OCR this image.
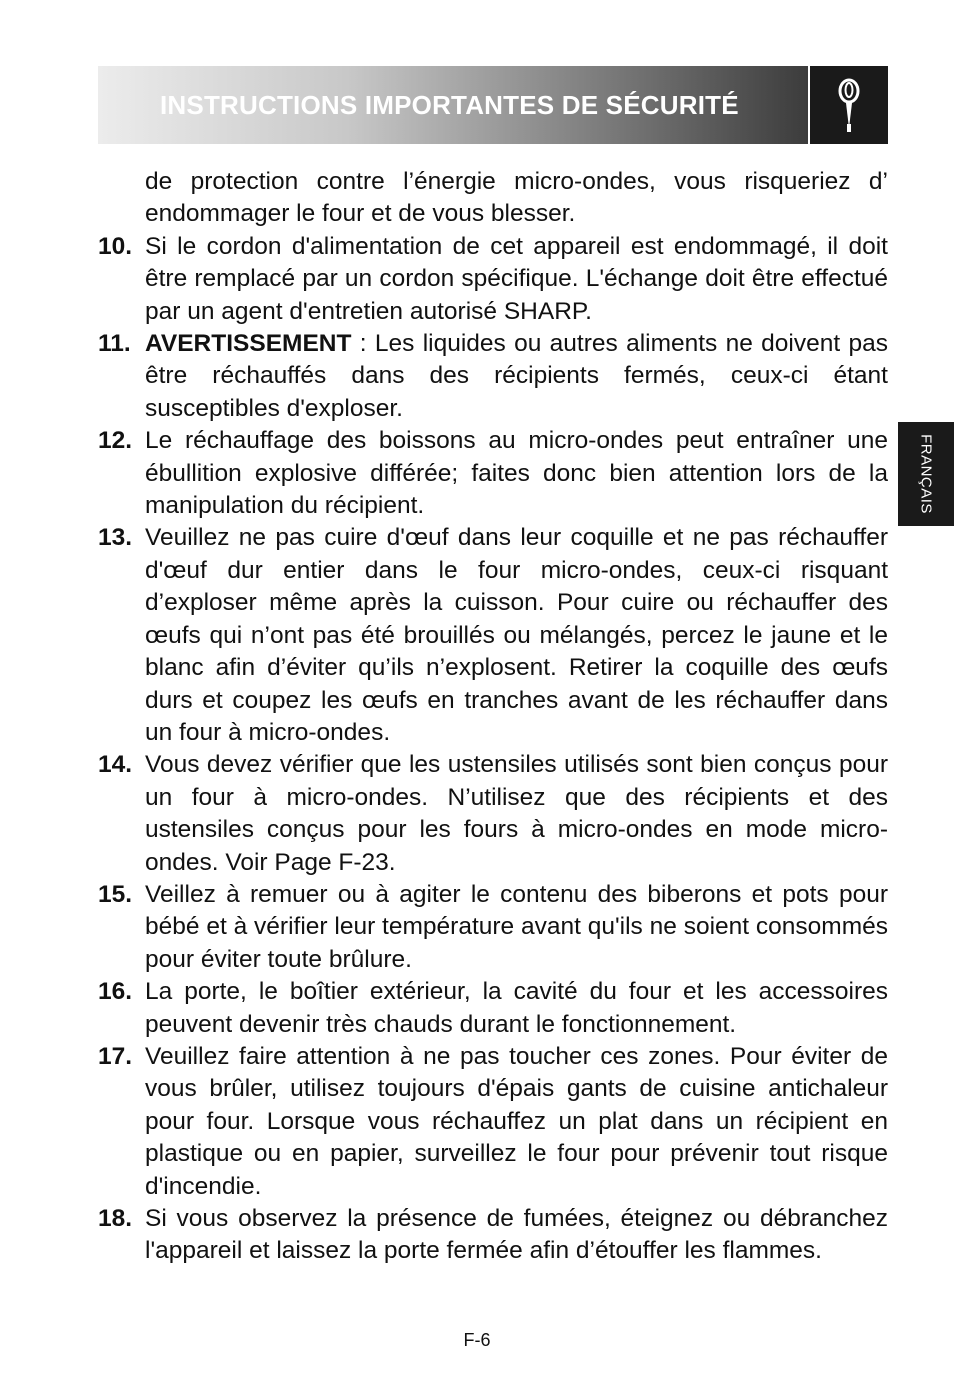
INSTRUCTIONS IMPORTANTES DE SÉCURITÉ
FRANÇAIS
de protection contre l’énergie micro-ondes, vous risqueriez d’ endommager le four et de vous blesser.
10. Si le cordon d'alimentation de cet appareil est endommagé, il doit être remplacé par un cordon spécifique. L'échange doit être effectué par un agent d'entretien autorisé SHARP.
11. AVERTISSEMENT : Les liquides ou autres aliments ne doivent pas être réchauffés dans des récipients fermés, ceux-ci étant susceptibles d'exploser.
12. Le réchauffage des boissons au micro-ondes peut entraîner une ébullition explosive différée; faites donc bien attention lors de la manipulation du récipient.
13. Veuillez ne pas cuire d'œuf dans leur coquille et ne pas réchauffer d'œuf dur entier dans le four micro-ondes, ceux-ci risquant d’exploser même après la cuisson. Pour cuire ou réchauffer des œufs qui n’ont pas été brouillés ou mélangés, percez le jaune et le blanc afin d’éviter qu’ils n’explosent. Retirer la coquille des œufs durs et coupez les œufs en tranches avant de les réchauffer dans un four à micro-ondes.
14. Vous devez vérifier que les ustensiles utilisés sont bien conçus pour un four à micro-ondes. N’utilisez que des récipients et des ustensiles conçus pour les fours à micro-ondes en mode micro-ondes. Voir Page F-23.
15. Veillez à remuer ou à agiter le contenu des biberons et pots pour bébé et à vérifier leur température avant qu'ils ne soient consommés pour éviter toute brûlure.
16. La porte, le boîtier extérieur, la cavité du four et les accessoires peuvent devenir très chauds durant le fonctionnement.
17. Veuillez faire attention à ne pas toucher ces zones. Pour éviter de vous brûler, utilisez toujours d'épais gants de cuisine antichaleur pour four. Lorsque vous réchauffez un plat dans un récipient en plastique ou en papier, surveillez le four pour prévenir tout risque d'incendie.
18. Si vous observez la présence de fumées, éteignez ou débranchez l'appareil et laissez la porte fermée afin d’étouffer les flammes.
F-6
